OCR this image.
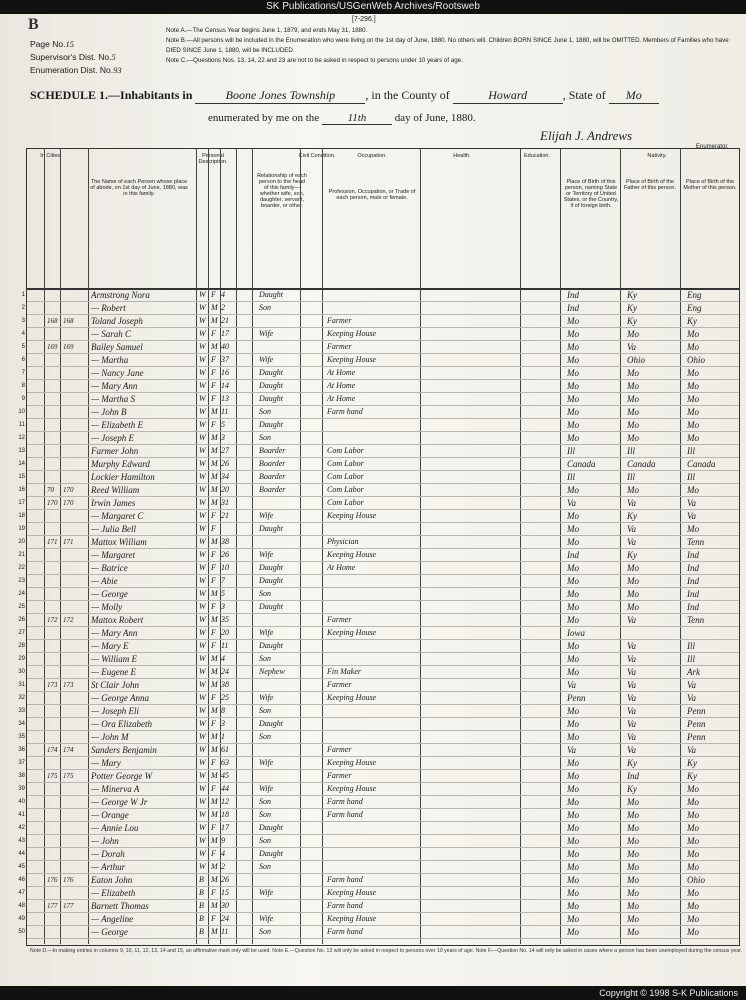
SK Publications/USGenWeb Archives/Rootsweb
B	[7-296.]
Note A.—The Census Year begins June 1, 1879, and ends May 31, 1880.
Note B.—All persons will be included in the Enumeration who were living on the 1st day of June, 1880. No others will. Children BORN SINCE June 1, 1880, will be OMITTED. Members of Families who have DIED SINCE June 1, 1880, will be INCLUDED.
Note C.—Questions Nos. 13, 14, 22 and 23 are not to be asked in respect to persons under 10 years of age.
Page No.15
Supervisor's Dist. No.5
Enumeration Dist. No.93
SCHEDULE 1.—Inhabitants in	Boone Jones Township	, in the County of	Howard	, State of Mo
enumerated by me on the	11th	day of June, 1880.
Elijah J. Andrews
Enumerator.
In Cities.
The Name of each Person whose place of abode, on 1st day of June, 1880, was in this family.
Personal Description.
Relationship of each person to the head of this family—whether wife, son, daughter, servant, boarder, or other.
Civil Condition.	Occupation.
Profession, Occupation, or Trade of each person, male or female.
Health.	Education.	Nativity.
Place of Birth of this person, naming State or Territory of United States, or the Country, if of foreign birth.
Place of Birth of the Father of this person.
Place of Birth of the Mother of this person.
1	Armstrong Nora	W F 4	Daught	Ind	Ky	Eng
2	— Robert	W M 2	Son	Ind	Ky	Eng
3	168 168	Toland Joseph	W M 21	Farmer	Mo	Ky	Ky
4	— Sarah C	W F 17	Wife	Keeping House	Mo	Mo	Mo
5	169 169	Bailey Samuel	W M 40	Farmer	Mo	Va	Mo
6	— Martha	W F 37	Wife	Keeping House	Mo	Ohio	Ohio
7	— Nancy Jane	W F 16	Daught	At Home	Mo	Mo	Mo
8	— Mary Ann	W F 14	Daught	At Home	Mo	Mo	Mo
9	— Martha S	W F 13	Daught	At Home	Mo	Mo	Mo
10	— John B	W M 11	Son	Farm hand	Mo	Mo	Mo
11	— Elizabeth E	W F 5	Daught	Mo	Mo	Mo
12	— Joseph E	W M 3	Son	Mo	Mo	Mo
13	Farmer John	W M 27	Boarder	Com Labor	Ill	Ill	Ill
14	Murphy Edward	W M 26	Boarder	Com Labor	Canada	Canada	Canada
15	Lockier Hamilton	W M 34	Boarder	Com Labor	Ill	Ill	Ill
16	70	170	Reed William	W M 20	Boarder	Com Labor	Mo	Mo	Mo
17	170 170	Irwin James	W M 31	Com Labor	Va	Va	Va
18	— Margaret C	W F 21	Wife	Keeping House	Mo	Ky	Va
19	— Julia Bell	W F	Daught	Mo	Va	Mo
20	171 171	Mattox William	W M 38	Physician	Mo	Va	Tenn
21	— Margaret	W F 26	Wife	Keeping House	Ind	Ky	Ind
22	— Batrice	W F 10	Daught	At Home	Mo	Mo	Ind
23	— Abie	W F 7	Daught	Mo	Mo	Ind
24	— George	W M 5	Son	Mo	Mo	Ind
25	— Molly	W F 3	Daught	Mo	Mo	Ind
26	172 172	Mattox Robert	W M 35	Farmer	Mo	Va	Tenn
27	— Mary Ann	W F 20	Wife	Keeping House	Iowa
28	— Mary E	W F 11	Daught	Mo	Va	Ill
29	— William E	W M 4	Son	Mo	Va	Ill
30	— Eugene E	W M 24	Nephew	Fin Maker	Mo	Va	Ark
31	173 173	St Clair John	W M 38	Farmer	Va	Va	Va
32	— George Anna	W F 25	Wife	Keeping House	Penn	Va	Va
33	— Joseph Eli	W M 8	Son	Mo	Va	Penn
34	— Ora Elizabeth	W F 3	Daught	Mo	Va	Penn
35	— John M	W M 1	Son	Mo	Va	Penn
36	174 174	Sanders Benjamin	W M 61	Farmer	Va	Va	Va
37	— Mary	W F 63	Wife	Keeping House	Mo	Ky	Ky
38	175 175	Potter George W	W M 45	Farmer	Mo	Ind	Ky
39	— Minerva A	W F 44	Wife	Keeping House	Mo	Ky	Mo
40	— George W Jr	W M 12	Son	Farm hand	Mo	Mo	Mo
41	— Orange	W M 18	Son	Farm hand	Mo	Mo	Mo
42	— Annie Lou	W F 17	Daught	Mo	Mo	Mo
43	— John	W M 9	Son	Mo	Mo	Mo
44	— Dorah	W F 4	Daught	Mo	Mo	Mo
45	— Arthur	W M 2	Son	Mo	Mo	Mo
46	176 176	Eaton John	B M 26	Farm hand	Mo	Mo	Ohio
47	— Elizabeth	B F 15	Wife	Keeping House	Mo	Mo	Mo
48	177 177	Barnett Thomas	B M 30	Farm hand	Mo	Mo	Mo
49	— Angeline	B F 24	Wife	Keeping House	Mo	Mo	Mo
50	— George	B M 11	Son	Farm hand	Mo	Mo	Mo
Note D.—In making entries in columns 9, 10, 11, 12, 13, 14 and 15, an affirmative mark only will be used. Note E.—Question No. 13 will only be asked in respect to persons over 10 years of age. Note F.—Question No. 14 will only be asked in cases where a person has been unemployed during the census year.
Copyright © 1998 S-K Publications
